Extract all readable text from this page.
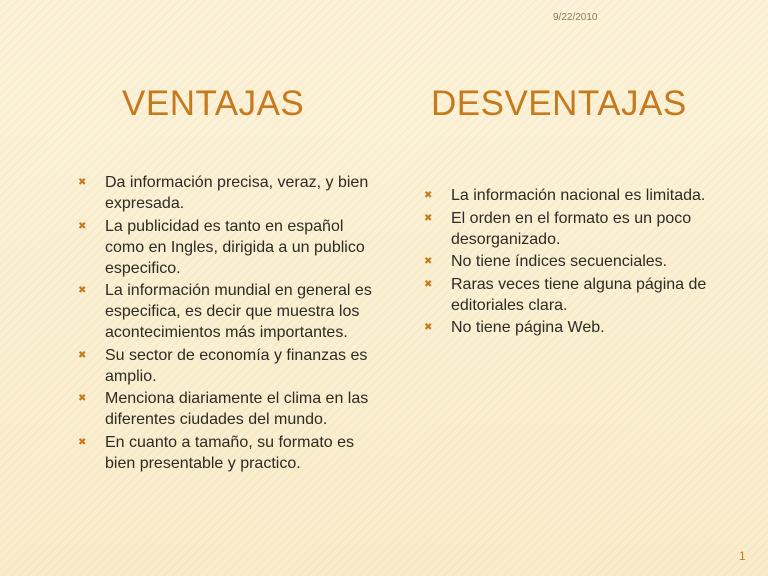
9/22/2010
VENTAJAS	DESVENTAJAS
✖ Da información precisa, veraz, y bien expresada.
✖ La publicidad es tanto en español como en Ingles, dirigida a un publico especifico.
✖ La información mundial en general es especifica, es decir que muestra los acontecimientos más importantes.
✖ Su sector de economía y finanzas es amplio.
✖ Menciona diariamente el clima en las diferentes ciudades del mundo.
✖ En cuanto a tamaño, su formato es bien presentable y practico.
✖ La información nacional es limitada.
✖ El orden en el formato es un poco desorganizado.
✖ No tiene índices secuenciales.
✖ Raras veces tiene alguna página de editoriales clara.
✖ No tiene página Web.
1
